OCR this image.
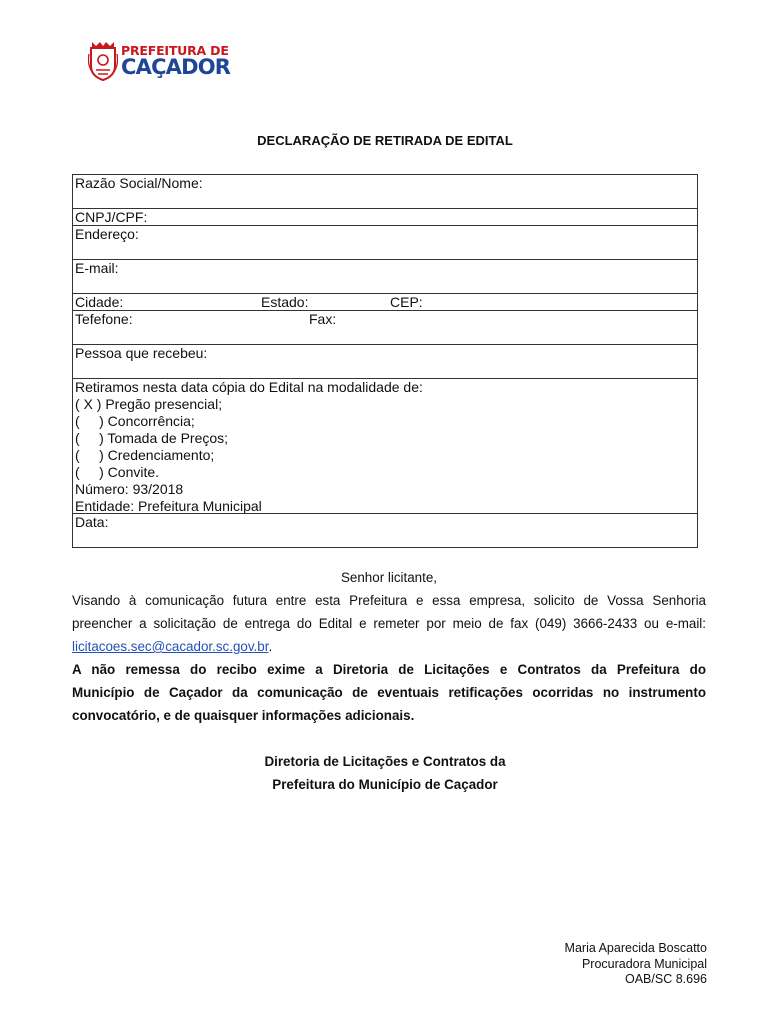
PREFEITURA DE
CAÇADOR
DECLARAÇÃO DE RETIRADA DE EDITAL
Razão Social/Nome:
CNPJ/CPF:
Endereço:
E-mail:
Cidade:	Estado:	CEP:
Tefefone:	Fax:
Pessoa que recebeu:
Retiramos nesta data cópia do Edital na modalidade de:
( X ) Pregão presencial;
(     ) Concorrência;
(     ) Tomada de Preços;
(     ) Credenciamento;
(     ) Convite.
Número: 93/2018
Entidade: Prefeitura Municipal
Data:
Senhor licitante,
Visando à comunicação futura entre esta Prefeitura e essa empresa, solicito de Vossa Senhoria
preencher a solicitação de entrega do Edital e remeter por meio de fax (049) 3666-2433 ou e-mail:
licitacoes.sec@cacador.sc.gov.br.
A não remessa do recibo exime a Diretoria de Licitações e Contratos da Prefeitura do
Município de Caçador da comunicação de eventuais retificações ocorridas no instrumento
convocatório, e de quaisquer informações adicionais.
Diretoria de Licitações e Contratos da
Prefeitura do Município de Caçador
Maria Aparecida Boscatto
Procuradora Municipal
OAB/SC 8.696
